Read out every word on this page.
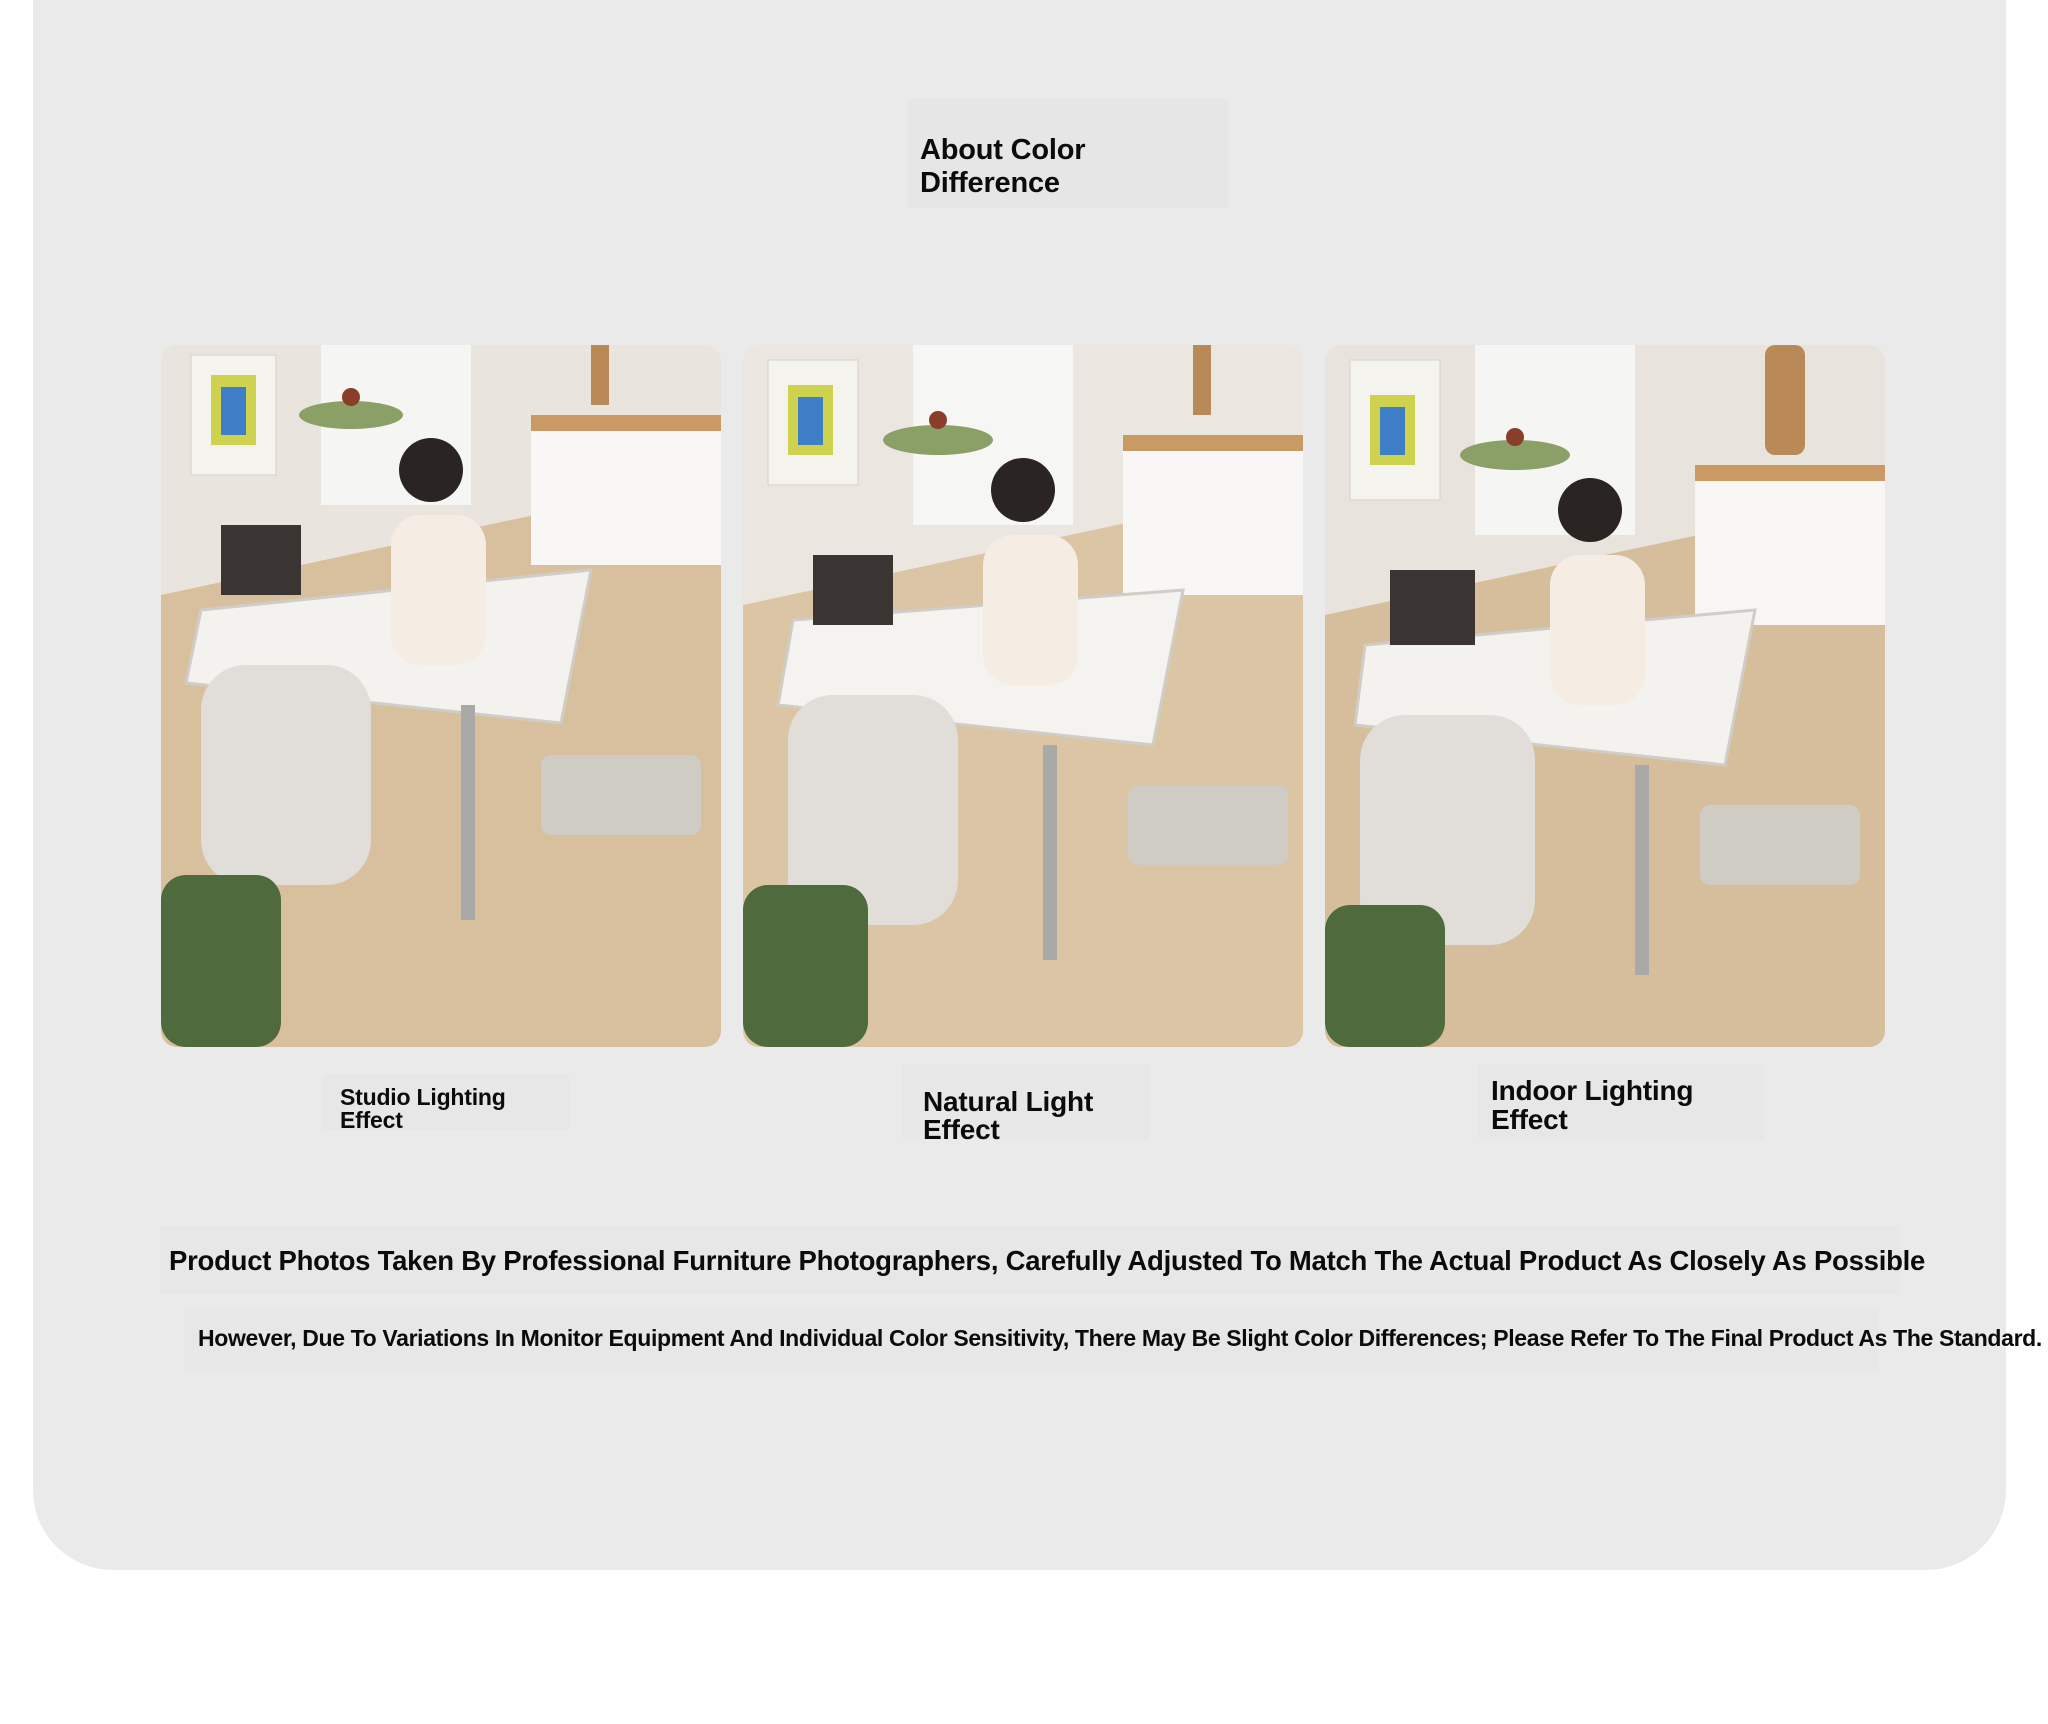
About Color Difference
Studio Lighting Effect
Natural Light Effect
Indoor Lighting
Effect
Product Photos Taken By Professional Furniture Photographers, Carefully Adjusted To Match The Actual Product As Closely As Possible
However, Due To Variations In Monitor Equipment And Individual Color Sensitivity, There May Be Slight Color Differences; Please Refer To The Final Product As The Standard.
